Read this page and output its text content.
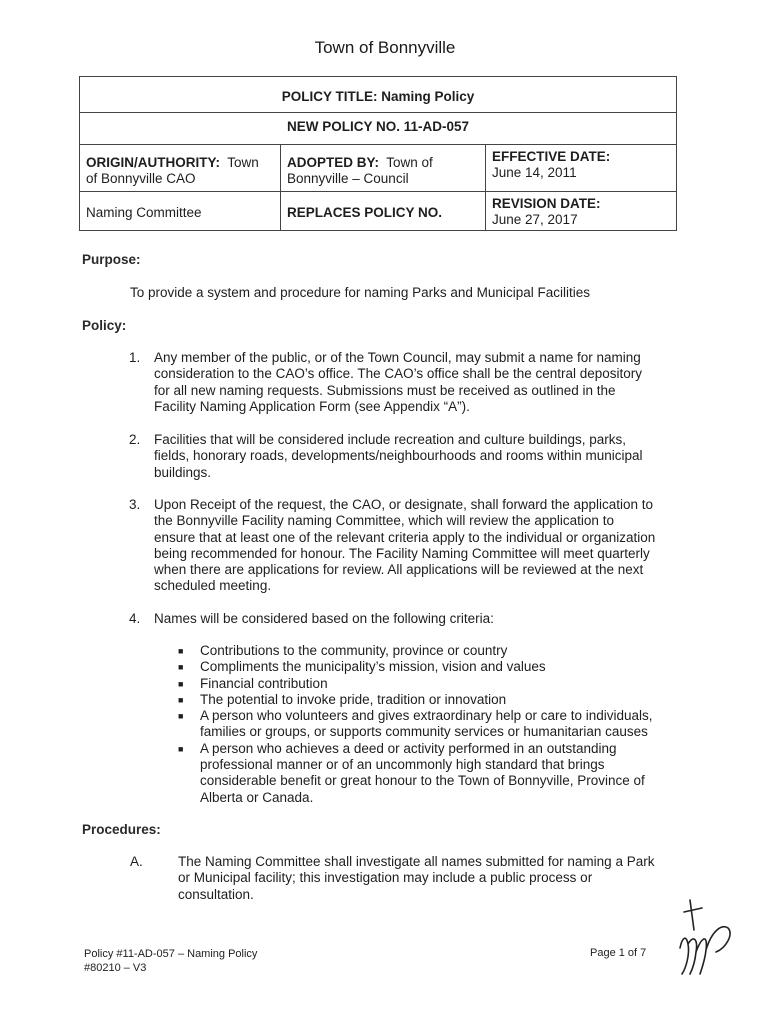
Town of Bonnyville
POLICY TITLE: Naming Policy
NEW POLICY NO. 11-AD-057
ORIGIN/AUTHORITY: Town
of Bonnyville CAO
ADOPTED BY: Town of
Bonnyville – Council
EFFECTIVE DATE:
June 14, 2011
Naming Committee	REPLACES POLICY NO.
REVISION DATE:
June 27, 2017
Purpose:
To provide a system and procedure for naming Parks and Municipal Facilities
Policy:
1. Any member of the public, or of the Town Council, may submit a name for naming
consideration to the CAO’s office. The CAO’s office shall be the central depository
for all new naming requests. Submissions must be received as outlined in the
Facility Naming Application Form (see Appendix “A”).
2. Facilities that will be considered include recreation and culture buildings, parks,
fields, honorary roads, developments/neighbourhoods and rooms within municipal
buildings.
3. Upon Receipt of the request, the CAO, or designate, shall forward the application to
the Bonnyville Facility naming Committee, which will review the application to
ensure that at least one of the relevant criteria apply to the individual or organization
being recommended for honour. The Facility Naming Committee will meet quarterly
when there are applications for review. All applications will be reviewed at the next
scheduled meeting.
4. Names will be considered based on the following criteria:
■ Contributions to the community, province or country
■ Compliments the municipality’s mission, vision and values
■ Financial contribution
■ The potential to invoke pride, tradition or innovation
■ A person who volunteers and gives extraordinary help or care to individuals,
families or groups, or supports community services or humanitarian causes
■ A person who achieves a deed or activity performed in an outstanding
professional manner or of an uncommonly high standard that brings
considerable benefit or great honour to the Town of Bonnyville, Province of
Alberta or Canada.
Procedures:
A.	The Naming Committee shall investigate all names submitted for naming a Park
or Municipal facility; this investigation may include a public process or
consultation.
Policy #11-AD-057 – Naming Policy
#80210 – V3
Page 1 of 7
